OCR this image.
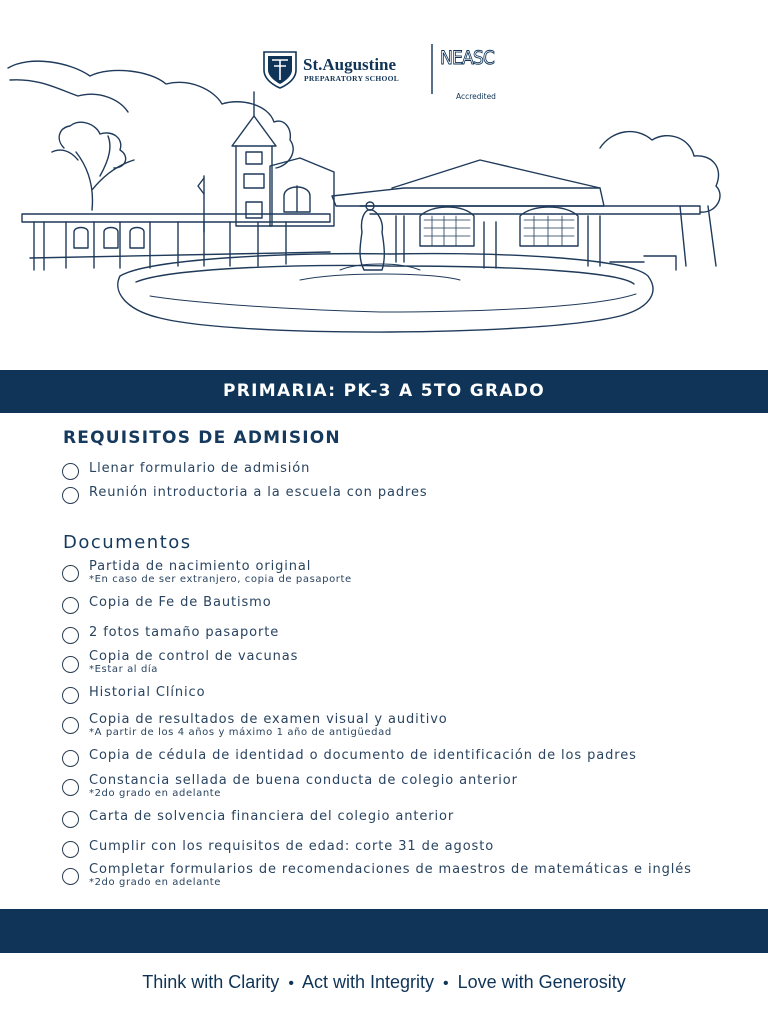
St.Augustine
PREPARATORY SCHOOL
NEASC
Accredited
PRIMARIA: PK-3 A 5TO GRADO
REQUISITOS DE ADMISION
Llenar formulario de admisión
Reunión introductoria a la escuela con padres
Documentos
Partida de nacimiento original
*En caso de ser extranjero, copia de pasaporte
Copia de Fe de Bautismo
2 fotos tamaño pasaporte
Copia de control de vacunas
*Estar al día
Historial Clínico
Copia de resultados de examen visual y auditivo
*A partir de los 4 años y máximo 1 año de antigüedad
Copia de cédula de identidad o documento de identificación de los padres
Constancia sellada de buena conducta de colegio anterior
*2do grado en adelante
Carta de solvencia financiera del colegio anterior
Cumplir con los requisitos de edad: corte 31 de agosto
Completar formularios de recomendaciones de maestros de matemáticas e inglés
*2do grado en adelante
Think with Clarity • Act with Integrity • Love with Generosity
